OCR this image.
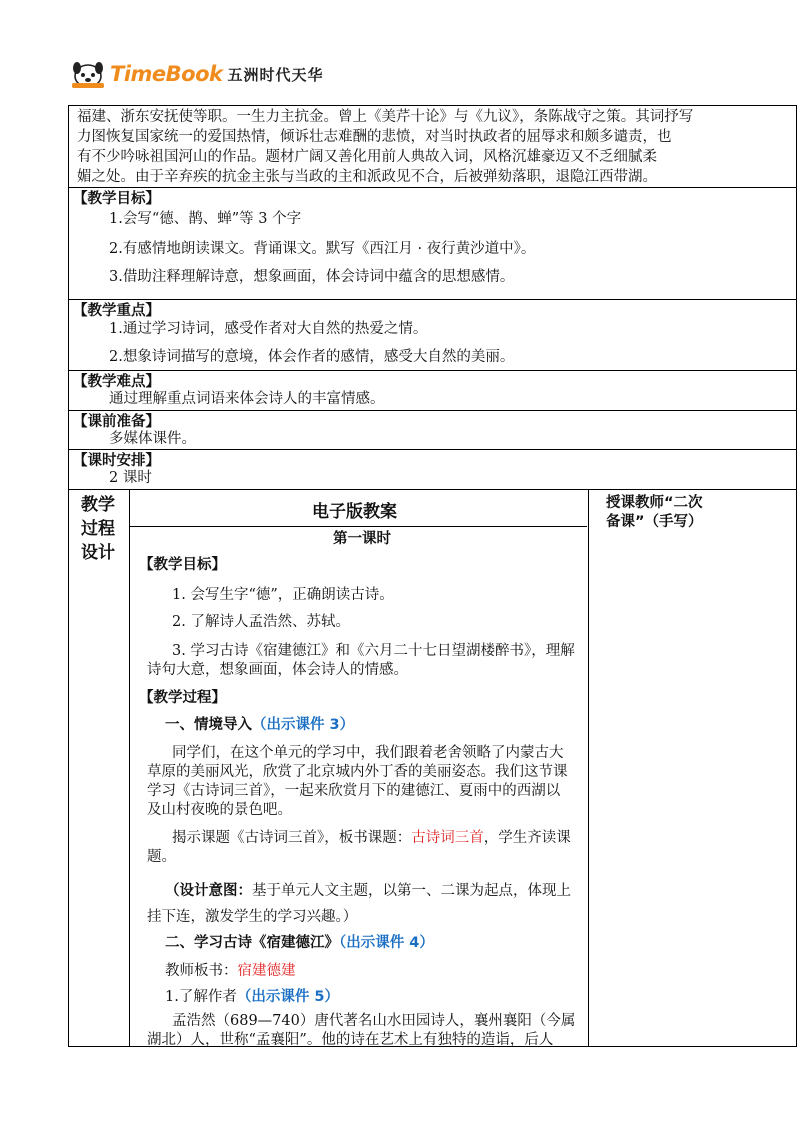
TimeBook 五洲时代天华
福建、浙东安抚使等职。一生力主抗金。曾上《美芹十论》与《九议》，条陈战守之策。其词抒写
力图恢复国家统一的爱国热情，倾诉壮志难酬的悲愤，对当时执政者的屈辱求和颇多谴责，也
有不少吟咏祖国河山的作品。题材广阔又善化用前人典故入词，风格沉雄豪迈又不乏细腻柔
媚之处。由于辛弃疾的抗金主张与当政的主和派政见不合，后被弹劾落职，退隐江西带湖。
【教学目标】
1.会写“德、鹊、蝉”等 3 个字
2.有感情地朗读课文。背诵课文。默写《西江月 · 夜行黄沙道中》。
3.借助注释理解诗意，想象画面，体会诗词中蕴含的思想感情。
【教学重点】
1.通过学习诗词，感受作者对大自然的热爱之情。
2.想象诗词描写的意境，体会作者的感情，感受大自然的美丽。
【教学难点】
通过理解重点词语来体会诗人的丰富情感。
【课前准备】
多媒体课件。
【课时安排】
2 课时
教学
过程
设计
电子版教案	授课教师“二次
备课”（手写）
第一课时
【教学目标】
1. 会写生字“德”，正确朗读古诗。
2. 了解诗人孟浩然、苏轼。
3. 学习古诗《宿建德江》和《六月二十七日望湖楼醉书》，理解
诗句大意，想象画面，体会诗人的情感。
【教学过程】
一、情境导入（出示课件 3）
同学们，在这个单元的学习中，我们跟着老舍领略了内蒙古大
草原的美丽风光，欣赏了北京城内外丁香的美丽姿态。我们这节课
学习《古诗词三首》，一起来欣赏月下的建德江、夏雨中的西湖以
及山村夜晚的景色吧。
揭示课题《古诗词三首》，板书课题：古诗词三首，学生齐读课
题。
（设计意图：基于单元人文主题，以第一、二课为起点，体现上
挂下连，激发学生的学习兴趣。）
二、学习古诗《宿建德江》（出示课件 4）
教师板书：宿建德建
1.了解作者（出示课件 5）
孟浩然（689—740）唐代著名山水田园诗人，襄州襄阳（今属
湖北）人，世称“孟襄阳”。他的诗在艺术上有独特的造诣，后人
